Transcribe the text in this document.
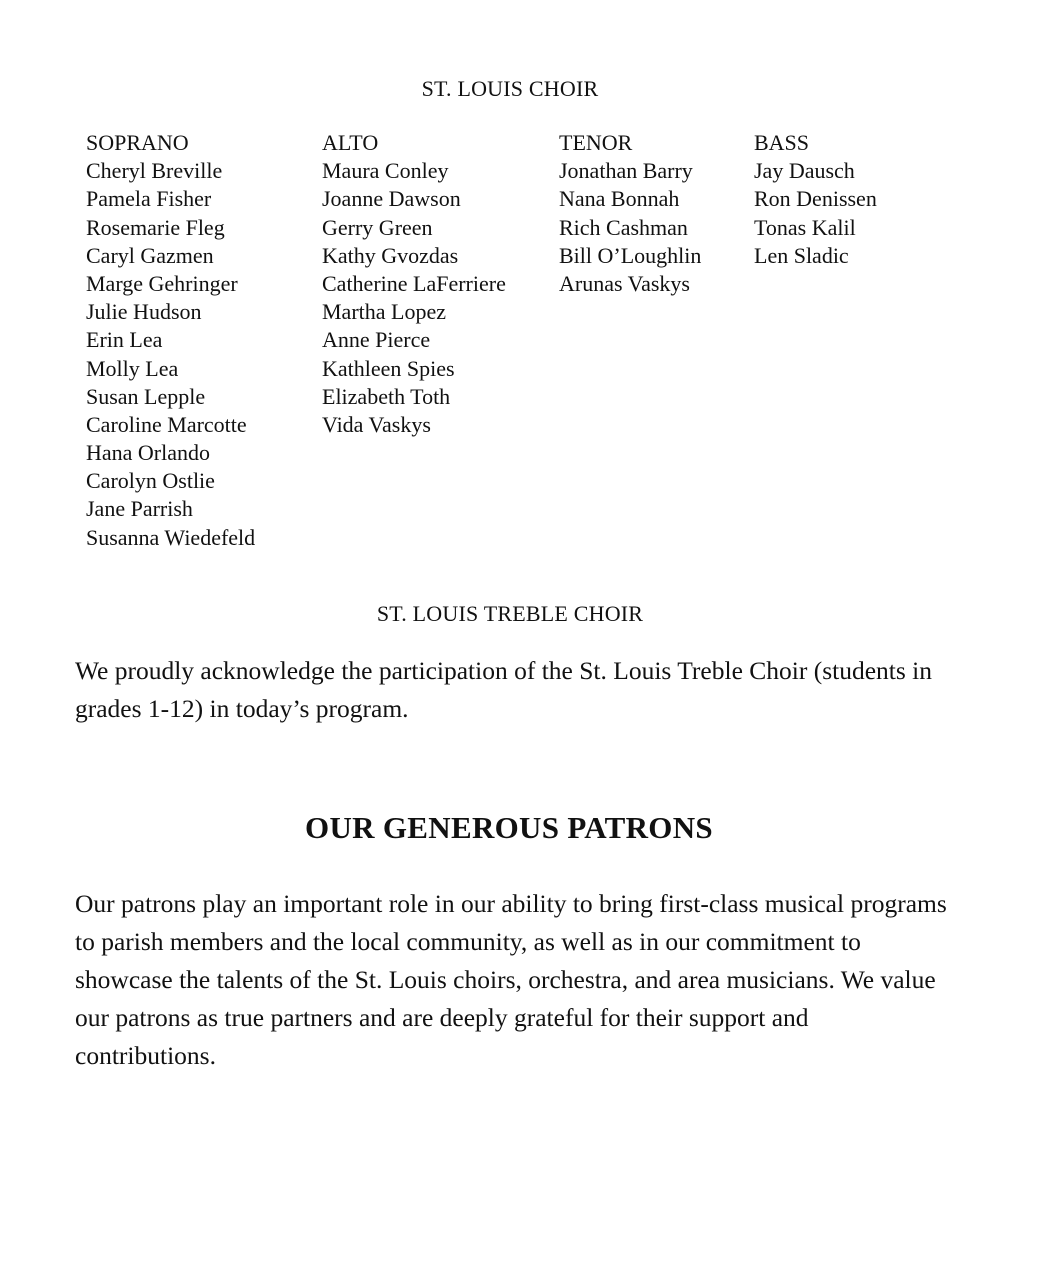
ST. LOUIS CHOIR
SOPRANO
Cheryl Breville
Pamela Fisher
Rosemarie Fleg
Caryl Gazmen
Marge Gehringer
Julie Hudson
Erin Lea
Molly Lea
Susan Lepple
Caroline Marcotte
Hana Orlando
Carolyn Ostlie
Jane Parrish
Susanna Wiedefeld
ALTO
Maura Conley
Joanne Dawson
Gerry Green
Kathy Gvozdas
Catherine LaFerriere
Martha Lopez
Anne Pierce
Kathleen Spies
Elizabeth Toth
Vida Vaskys
TENOR
Jonathan Barry
Nana Bonnah
Rich Cashman
Bill O’Loughlin
Arunas Vaskys
BASS
Jay Dausch
Ron Denissen
Tonas Kalil
Len Sladic
ST. LOUIS TREBLE CHOIR

We proudly acknowledge the participation of the St. Louis Treble Choir (students in grades 1-12) in today’s program.

OUR GENEROUS PATRONS

Our patrons play an important role in our ability to bring first-class musical programs to parish members and the local community, as well as in our commitment to showcase the talents of the St. Louis choirs, orchestra, and area musicians. We value our patrons as true partners and are deeply grateful for their support and contributions.
